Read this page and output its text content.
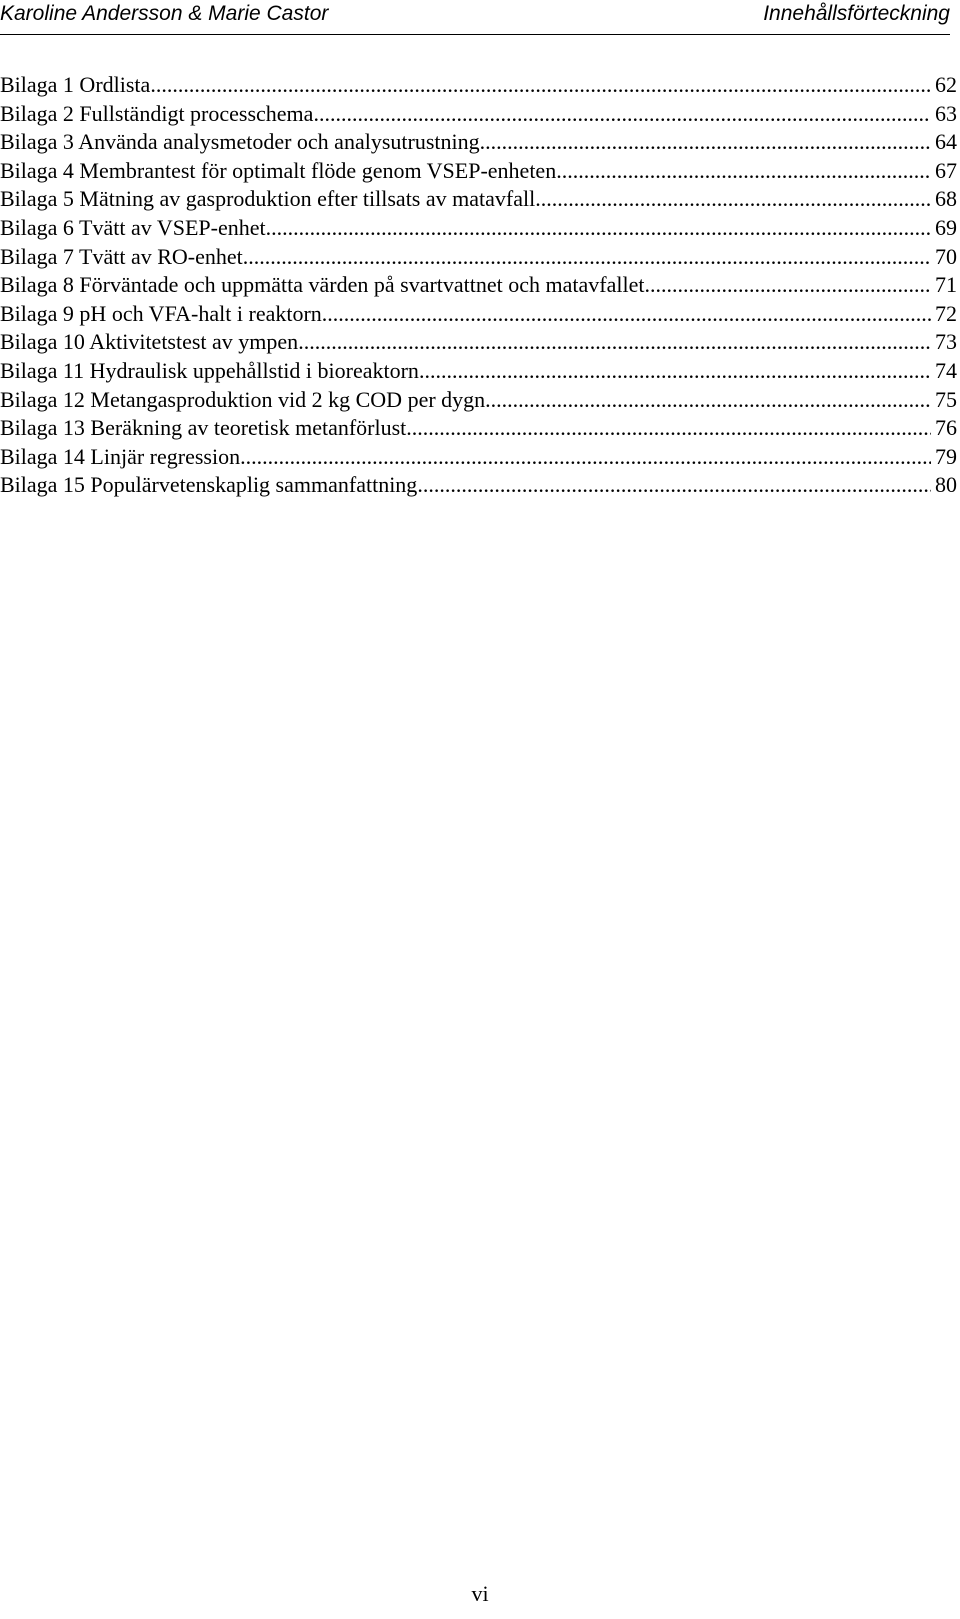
Karoline Andersson & Marie Castor	Innehållsförteckning
Bilaga 1 Ordlista .....	62
Bilaga 2 Fullständigt processchema .....	63
Bilaga 3 Använda analysmetoder och analysutrustning .....	64
Bilaga 4 Membrantest för optimalt flöde genom VSEP-enheten .....	67
Bilaga 5 Mätning av gasproduktion efter tillsats av matavfall .....	68
Bilaga 6 Tvätt av VSEP-enhet .....	69
Bilaga 7 Tvätt av RO-enhet .....	70
Bilaga 8 Förväntade och uppmätta värden på svartvattnet och matavfallet .....	71
Bilaga 9 pH och VFA-halt i reaktorn .....	72
Bilaga 10 Aktivitetstest av ympen .....	73
Bilaga 11 Hydraulisk uppehållstid i bioreaktorn .....	74
Bilaga 12 Metangasproduktion vid 2 kg COD per dygn .....	75
Bilaga 13 Beräkning av teoretisk metanförlust .....	76
Bilaga 14 Linjär regression .....	79
Bilaga 15 Populärvetenskaplig sammanfattning .....	80
vi
